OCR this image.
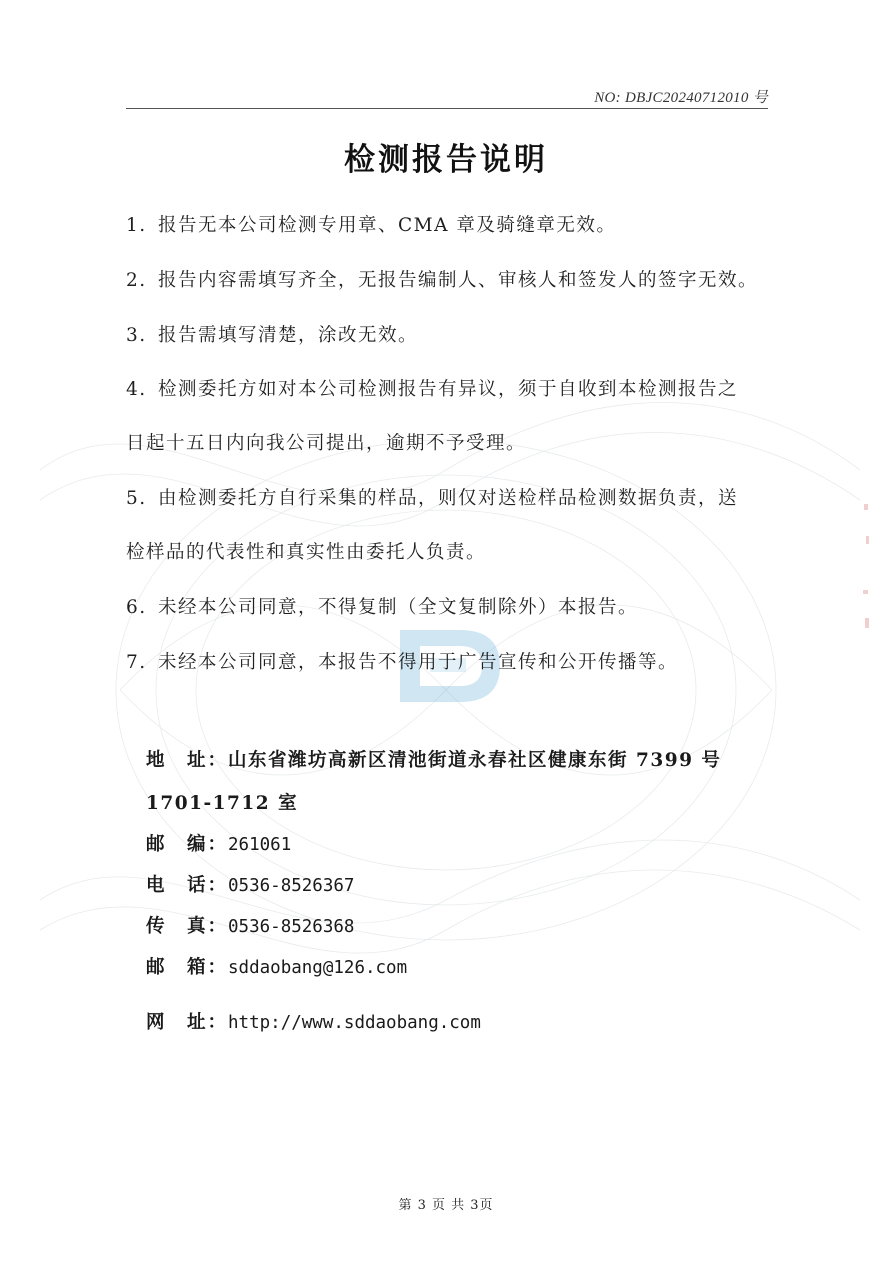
NO: DBJC20240712010 号
检测报告说明
1. 报告无本公司检测专用章、CMA 章及骑缝章无效。
2. 报告内容需填写齐全，无报告编制人、审核人和签发人的签字无效。
3. 报告需填写清楚，涂改无效。
4. 检测委托方如对本公司检测报告有异议，须于自收到本检测报告之
日起十五日内向我公司提出，逾期不予受理。
5. 由检测委托方自行采集的样品，则仅对送检样品检测数据负责，送
检样品的代表性和真实性由委托人负责。
6. 未经本公司同意，不得复制（全文复制除外）本报告。
7. 未经本公司同意，本报告不得用于广告宣传和公开传播等。
地　址：山东省潍坊高新区清池街道永春社区健康东街 7399 号
1701-1712 室
邮　编：261061
电　话：0536-8526367
传　真：0536-8526368
邮　箱：sddaobang@126.com
网　址：http://www.sddaobang.com
第 3 页 共 3页
